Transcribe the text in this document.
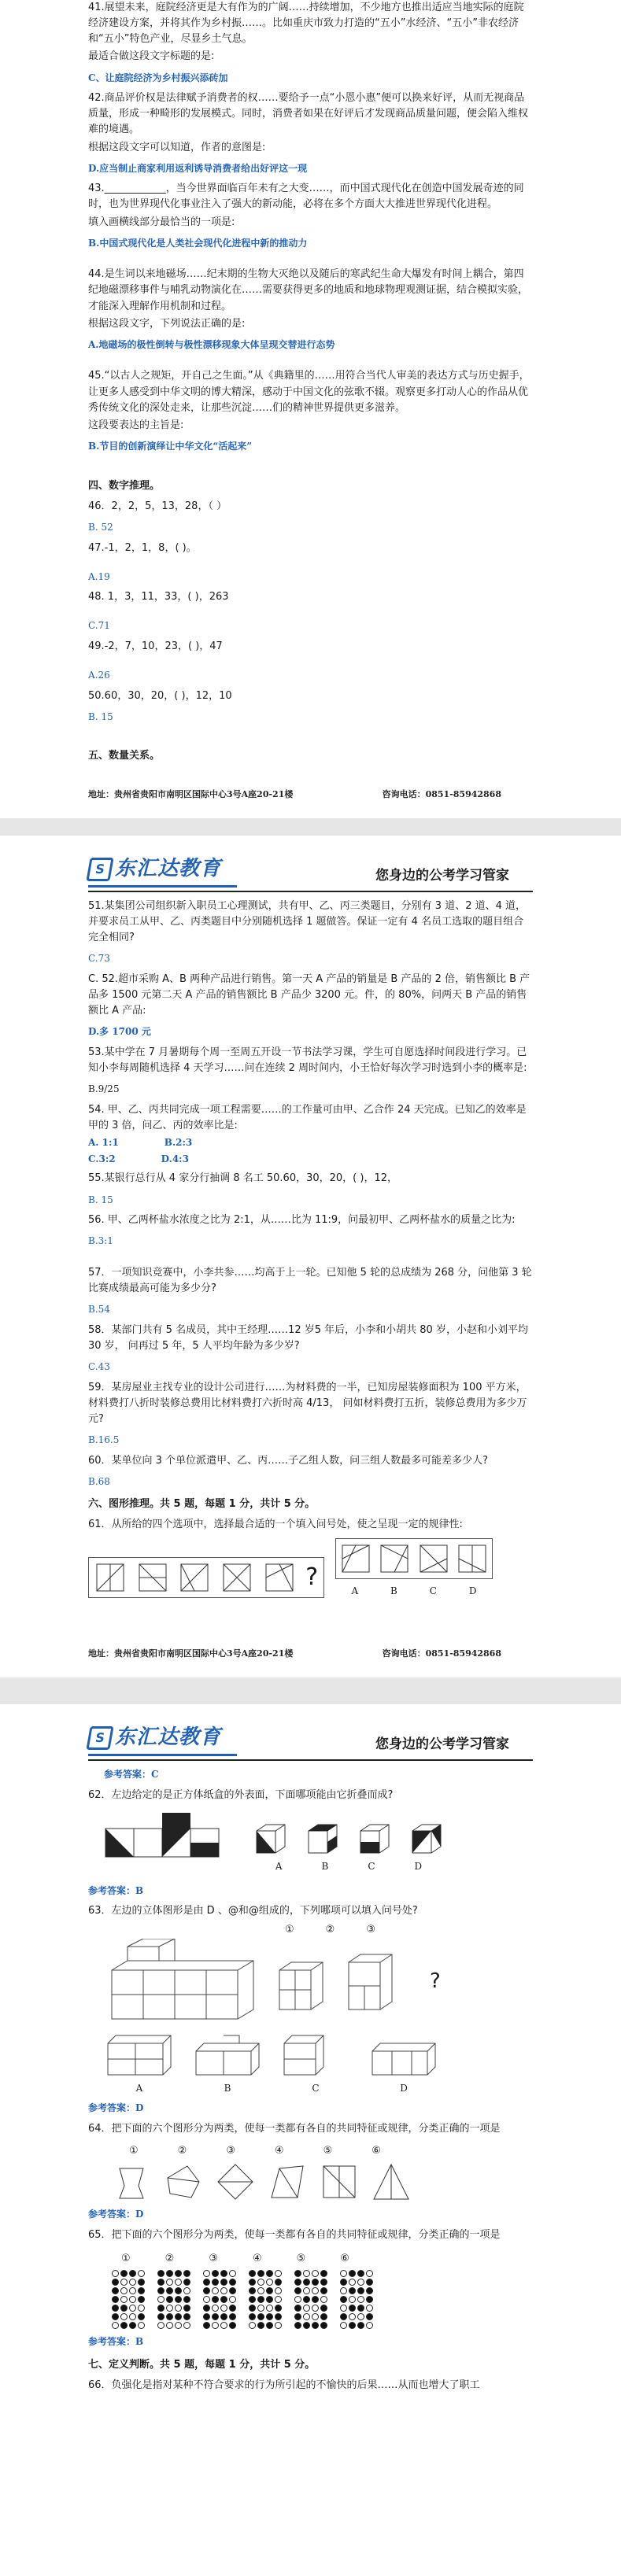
41.展望未来，庭院经济更是大有作为的广阔……持续增加，不少地方也推出适应当地实际的庭院经济建设方案，并将其作为乡村振……。比如重庆市致力打造的“五小”水经济、“五小”非农经济和“五小”特色产业，尽显乡土气息。

最适合做这段文字标题的是:

C、让庭院经济为乡村振兴添砖加

42.商品评价权是法律赋予消费者的权……要给予一点“小恩小惠”便可以换来好评，从而无视商品质量，形成一种畸形的发展模式。同时，消费者如果在好评后才发现商品质量问题，便会陷入维权难的境遇。

根据这段文字可以知道，作者的意图是:

D.应当制止商家利用返利诱导消费者给出好评这一现

43.____________，当今世界面临百年未有之大变……，而中国式现代化在创造中国发展奇迹的同时，也为世界现代化事业注入了强大的新动能，必将在多个方面大大推进世界现代化进程。

填入画横线部分最恰当的一项是:

B.中国式现代化是人类社会现代化进程中新的推动力

44.是生词以来地磁场……纪末期的生物大灭绝以及随后的寒武纪生命大爆发有时间上耦合，第四纪地磁漂移事件与哺乳动物演化在……需要获得更多的地质和地球物理观测证据，结合模拟实验，才能深入理解作用机制和过程。

根据这段文字，下列说法正确的是:

A.地磁场的极性倒转与极性漂移现象大体呈现交替进行态势

45.“以古人之规矩，开自己之生面。”从《典籍里的……用符合当代人审美的表达方式与历史握手，让更多人感受到中华文明的博大精深，感动于中国文化的弦歌不辍。观察更多打动人心的作品从优秀传统文化的深处走来，让那些沉淀……们的精神世界提供更多滋养。

这段要表达的主旨是:

B.节目的创新演绎让中华文化“活起来”

四、数字推理。

46．2，2，5，13，28，（ ）

B. 52

47.-1，2，1，8，( )。

A.19

48. 1，3，11，33，( )，263

C.71

49.-2，7，10，23，( )，47

A.26

50.60，30，20，( )，12，10

B. 15

五、数量关系。

地址：贵州省贵阳市南明区国际中心3号A座20-21楼	咨询电话：0851-85942868
S 东汇达教育	您身边的公考学习管家

51.某集团公司组织新入职员工心理测试，共有甲、乙、丙三类题目，分别有 3 道、2 道、4 道，并要求员工从甲、乙、丙类题目中分别随机选择 1 题做答。保证一定有 4 名员工选取的题目组合完全相同?

C.73

C. 52.超市采购 A、B 两种产品进行销售。第一天 A 产品的销量是 B 产品的 2 倍，销售额比 B 产品多 1500 元第二天 A 产品的销售额比 B 产品少 3200 元。件，的 80%，问两天 B 产品的销售额比 A 产品:

D.多 1700 元

53.某中学在 7 月暑期每个周一至周五开设一节书法学习课，学生可自愿选择时间段进行学习。已知小李每周随机选择 4 天学习……问在连续 2 周时间内，小王恰好每次学习时选到小李的概率是:

B.9/25

54. 甲、乙、丙共同完成一项工程需要……的工作量可由甲、乙合作 24 天完成。已知乙的效率是甲的 3 倍，问乙、丙的效率比是:

A. 1:1	B.2:3
C.3:2	D.4:3

55.某银行总行从 4 家分行抽调 8 名工 50.60，30，20，( )，12，

B. 15

56. 甲、乙两杯盐水浓度之比为 2:1，从……比为 11:9，问最初甲、乙两杯盐水的质量之比为:

B.3:1

57．一项知识竞赛中，小李共参……均高于上一轮。已知他 5 轮的总成绩为 268 分，问他第 3 轮比赛成绩最高可能为多少分?

B.54

58．某部门共有 5 名成员，其中王经理……12 岁5 年后，小李和小胡共 80 岁，小赵和小刘平均 30 岁， 问再过 5 年，5 人平均年龄为多少岁?

C.43

59．某房屋业主找专业的设计公司进行……为材料费的一半，已知房屋装修面积为 100 平方米，材料费打八折时装修总费用比材料费打六折时高 4/13， 问如材料费打五折，装修总费用为多少万元?

B.16.5

60．某单位向 3 个单位派遣甲、乙、丙……子乙组人数，问三组人数最多可能差多少人?

B.68

六、图形推理。共 5 题，每题 1 分，共计 5 分。

61．从所给的四个选项中，选择最合适的一个填入问号处，使之呈现一定的规律性:

?	A	B	C	D
地址：贵州省贵阳市南明区国际中心3号A座20-21楼	咨询电话：0851-85942868
S 东汇达教育	您身边的公考学习管家

参考答案：C

62．左边给定的是正方体纸盒的外表面，下面哪项能由它折叠而成?

A	B	C	D

参考答案：B

63．左边的立体图形是由 D 、@和@组成的，下列哪项可以填入问号处?

①	②	③
?
A	B	C	D

参考答案：D

64．把下面的六个图形分为两类，使每一类都有各自的共同特征或规律，分类正确的一项是

①	②	③	④	⑤	⑥

参考答案：D

65．把下面的六个图形分为两类，使每一类都有各自的共同特征或规律，分类正确的一项是

①	②	③	④	⑤	⑥

参考答案：B

七、定义判断。共 5 题，每题 1 分，共计 5 分。

66．负强化是指对某种不符合要求的行为所引起的不愉快的后果……从而也增大了职工
